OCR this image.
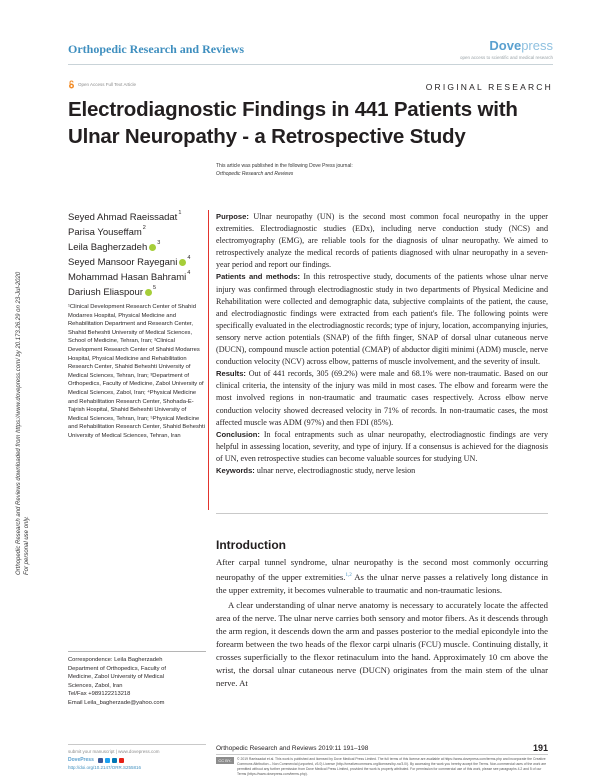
Orthopedic Research and Reviews	Dovepress
open access to scientific and medical research
Open Access Full Text Article	ORIGINAL RESEARCH
Electrodiagnostic Findings in 441 Patients with Ulnar Neuropathy - a Retrospective Study
Orthopedic Research and Reviews downloaded from https://www.dovepress.com/ by 20.173.26.29 on 23-Jul-2020 For personal use only.
This article was published in the following Dove Press journal:
Orthopedic Research and Reviews
Seyed Ahmad Raeissadat$^1$
Parisa Youseffam$^2$
Leila Bagherzadeh $^3$
Seyed Mansoor Rayegani $^4$
Mohammad Hasan Bahrami$^4$
Dariush Eliaspour $^5$
¹Clinical Development Research Center of Shahid Modarres Hospital, Physical Medicine and Rehabilitation Department and Research Center, Shahid Beheshti University of Medical Sciences, School of Medicine, Tehran, Iran; ²Clinical Development Research Center of Shahid Modarres Hospital, Physical Medicine and Rehabilitation Research Center, Shahid Beheshti University of Medical Sciences, Tehran, Iran; ³Department of Orthopedics, Faculty of Medicine, Zabol University of Medical Sciences, Zabol, Iran; ⁴Physical Medicine and Rehabilitation Research Center, Shohada-E-Tajrish Hospital, Shahid Beheshti University of Medical Sciences, Tehran, Iran; ⁵Physical Medicine and Rehabilitation Research Center, Shahid Beheshti University of Medical Sciences, Tehran, Iran
Correspondence: Leila Bagherzadeh
Department of Orthopedics, Faculty of
Medicine, Zabol University of Medical
Sciences, Zabol, Iran
Tel/Fax +989122213218
Email Leila_bagherzade@yahoo.com

Purpose: Ulnar neuropathy (UN) is the second most common focal neuropathy in the upper extremities. Electrodiagnostic studies (EDx), including nerve conduction study (NCS) and electromyography (EMG), are reliable tools for the diagnosis of ulnar neuropathy. We aimed to retrospectively analyze the medical records of patients diagnosed with ulnar neuropathy in a seven-year period and report our findings.

Patients and methods: In this retrospective study, documents of the patients whose ulnar nerve injury was confirmed through electrodiagnostic study in two departments of Physical Medicine and Rehabilitation were collected and demographic data, subjective complaints of the patient, the cause, and electrodiagnostic findings were extracted from each patient's file. The following points were specifically evaluated in the electrodiagnostic records; type of injury, location, accompanying injuries, sensory nerve action potentials (SNAP) of the fifth finger, SNAP of dorsal ulnar cutaneous nerve (DUCN), compound muscle action potential (CMAP) of abductor digiti minimi (ADM) muscle, nerve conduction velocity (NCV) across elbow, patterns of muscle involvement, and the severity of insult.

Results: Out of 441 records, 305 (69.2%) were male and 68.1% were non-traumatic. Based on our clinical criteria, the intensity of the injury was mild in most cases. The elbow and forearm were the most involved regions in non-traumatic and traumatic cases respectively. Across elbow nerve conduction velocity showed decreased velocity in 71% of records. In non-traumatic cases, the most affected muscle was ADM (97%) and then FDI (85%).

Conclusion: In focal entrapments such as ulnar neuropathy, electrodiagnostic findings are very helpful in assessing location, severity, and type of injury. If a consensus is achieved for the diagnosis of UN, even retrospective studies can become valuable sources for studying UN.

Keywords: ulnar nerve, electrodiagnostic study, nerve lesion

Introduction

After carpal tunnel syndrome, ulnar neuropathy is the second most commonly occurring neuropathy of the upper extremities.$^{1,2}$ As the ulnar nerve passes a relatively long distance in the upper extremity, it becomes vulnerable to traumatic and non-traumatic lesions.

A clear understanding of ulnar nerve anatomy is necessary to accurately locate the affected area of the nerve. The ulnar nerve carries both sensory and motor fibers. As it descends through the arm region, it descends down the arm and passes posterior to the medial epicondyle into the forearm between the two heads of the flexor carpi ulnaris (FCU) muscle. Continuing distally, it crosses superficially to the flexor retinaculum into the hand. Approximately 10 cm above the wrist, the dorsal ulnar cutaneous nerve (DUCN) originates from the main stem of the ulnar nerve. At

submit your manuscript | www.dovepress.com
DovePress
http://doi.org/10.2147/ORR.S255816
Orthopedic Research and Reviews 2019:11 191–198	191
CC BY-NC
© 2019 Raeissadat et al. This work is published and licensed by Dove Medical Press Limited. The full terms of this license are available at https://www.dovepress.com/terms.php and incorporate the Creative Commons Attribution – Non Commercial (unported, v3.0) License (http://creativecommons.org/licenses/by-nc/3.0/). By accessing the work you hereby accept the Terms. Non-commercial uses of the work are permitted without any further permission from Dove Medical Press Limited, provided the work is properly attributed. For permission for commercial use of this work, please see paragraphs 4.2 and 5 of our Terms (https://www.dovepress.com/terms.php).
